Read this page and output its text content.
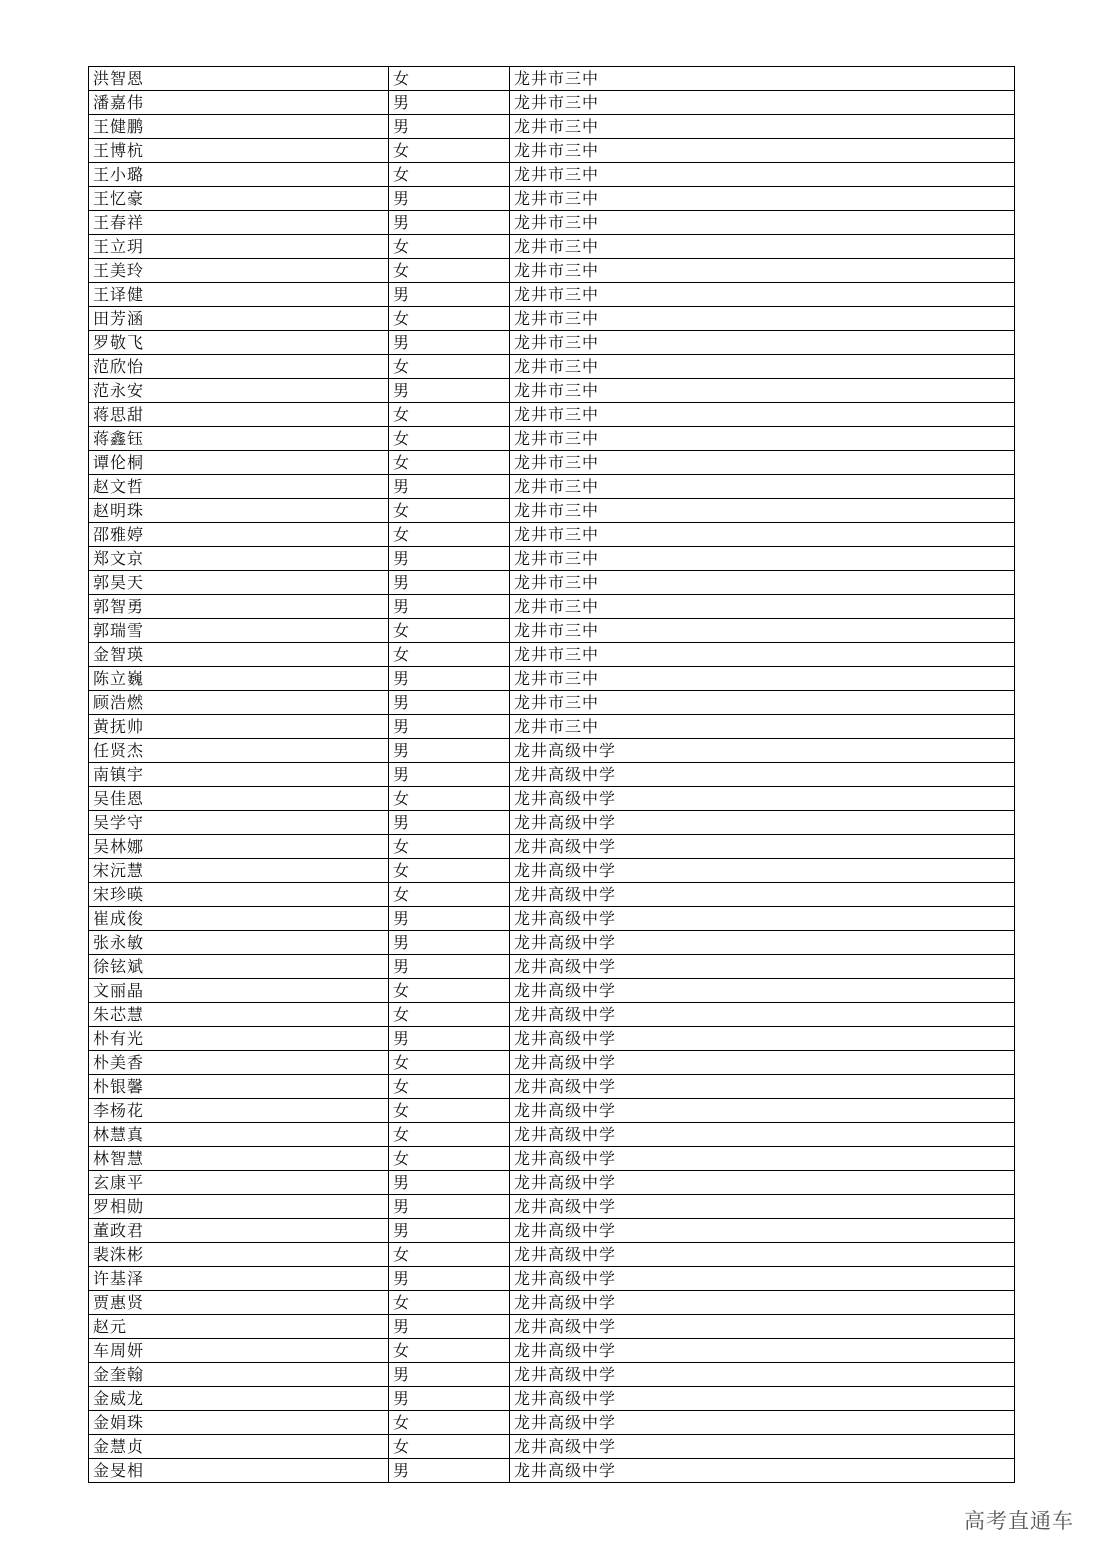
洪智恩	女	龙井市三中
潘嘉伟	男	龙井市三中
王健鹏	男	龙井市三中
王博杭	女	龙井市三中
王小璐	女	龙井市三中
王忆豪	男	龙井市三中
王春祥	男	龙井市三中
王立玥	女	龙井市三中
王美玲	女	龙井市三中
王译健	男	龙井市三中
田芳涵	女	龙井市三中
罗敬飞	男	龙井市三中
范欣怡	女	龙井市三中
范永安	男	龙井市三中
蒋思甜	女	龙井市三中
蒋鑫钰	女	龙井市三中
谭伦桐	女	龙井市三中
赵文哲	男	龙井市三中
赵明珠	女	龙井市三中
邵雅婷	女	龙井市三中
郑文京	男	龙井市三中
郭昊天	男	龙井市三中
郭智勇	男	龙井市三中
郭瑞雪	女	龙井市三中
金智瑛	女	龙井市三中
陈立巍	男	龙井市三中
顾浩燃	男	龙井市三中
黄抚帅	男	龙井市三中
任贤杰	男	龙井高级中学
南镇宇	男	龙井高级中学
吴佳恩	女	龙井高级中学
吴学守	男	龙井高级中学
吴林娜	女	龙井高级中学
宋沅慧	女	龙井高级中学
宋珍暎	女	龙井高级中学
崔成俊	男	龙井高级中学
张永敏	男	龙井高级中学
徐铉斌	男	龙井高级中学
文丽晶	女	龙井高级中学
朱芯慧	女	龙井高级中学
朴有光	男	龙井高级中学
朴美香	女	龙井高级中学
朴银馨	女	龙井高级中学
李杨花	女	龙井高级中学
林慧真	女	龙井高级中学
林智慧	女	龙井高级中学
玄康平	男	龙井高级中学
罗相勋	男	龙井高级中学
董政君	男	龙井高级中学
裴洙彬	女	龙井高级中学
许基泽	男	龙井高级中学
贾惠贤	女	龙井高级中学
赵元	男	龙井高级中学
车周妍	女	龙井高级中学
金奎翰	男	龙井高级中学
金威龙	男	龙井高级中学
金娟珠	女	龙井高级中学
金慧贞	女	龙井高级中学
金旻相	男	龙井高级中学
高考直通车
